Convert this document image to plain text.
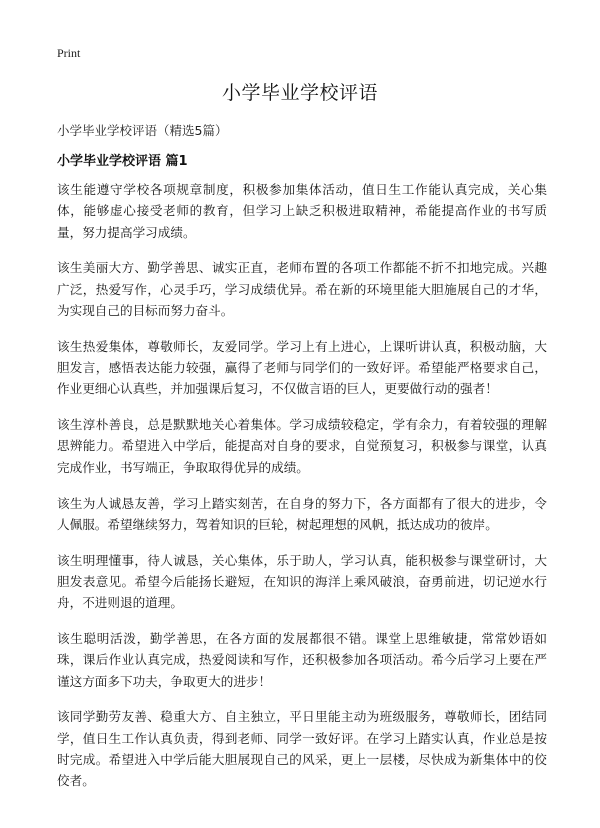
Print
小学毕业学校评语
小学毕业学校评语（精选5篇）
小学毕业学校评语 篇1

该生能遵守学校各项规章制度，积极参加集体活动，值日生工作能认真完成，关心集体，能够虚心接受老师的教育，但学习上缺乏积极进取精神，希能提高作业的书写质量，努力提高学习成绩。

该生美丽大方、勤学善思、诚实正直，老师布置的各项工作都能不折不扣地完成。兴趣广泛，热爱写作，心灵手巧，学习成绩优异。希在新的环境里能大胆施展自己的才华，为实现自己的目标而努力奋斗。

该生热爱集体，尊敬师长，友爱同学。学习上有上进心，上课听讲认真，积极动脑，大胆发言，感悟表达能力较强，赢得了老师与同学们的一致好评。希望能严格要求自己，作业更细心认真些，并加强课后复习，不仅做言语的巨人，更要做行动的强者！

该生淳朴善良，总是默默地关心着集体。学习成绩较稳定，学有余力，有着较强的理解思辨能力。希望进入中学后，能提高对自身的要求，自觉预复习，积极参与课堂，认真完成作业，书写端正，争取取得优异的成绩。

该生为人诚恳友善，学习上踏实刻苦，在自身的努力下，各方面都有了很大的进步，令人佩服。希望继续努力，驾着知识的巨轮，树起理想的风帆，抵达成功的彼岸。

该生明理懂事，待人诚恳，关心集体，乐于助人，学习认真，能积极参与课堂研讨，大胆发表意见。希望今后能扬长避短，在知识的海洋上乘风破浪，奋勇前进，切记逆水行舟，不进则退的道理。

该生聪明活泼，勤学善思，在各方面的发展都很不错。课堂上思维敏捷，常常妙语如珠，课后作业认真完成，热爱阅读和写作，还积极参加各项活动。希今后学习上要在严谨这方面多下功夫，争取更大的进步！

该同学勤劳友善、稳重大方、自主独立，平日里能主动为班级服务，尊敬师长，团结同学，值日生工作认真负责，得到老师、同学一致好评。在学习上踏实认真，作业总是按时完成。希望进入中学后能大胆展现自己的风采，更上一层楼，尽快成为新集体中的佼佼者。
